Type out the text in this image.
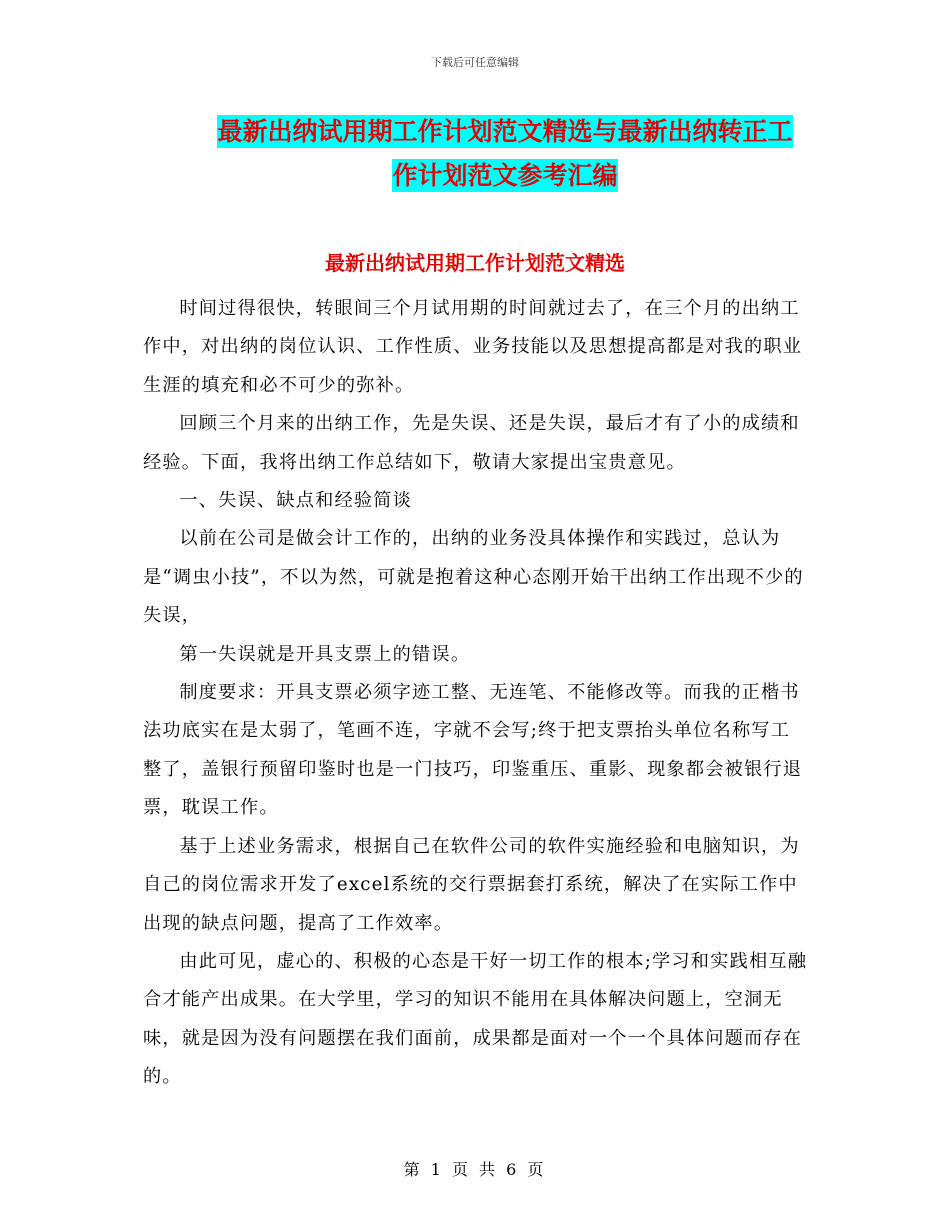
下载后可任意编辑
最新出纳试用期工作计划范文精选与最新出纳转正工
作计划范文参考汇编
最新出纳试用期工作计划范文精选

时间过得很快，转眼间三个月试用期的时间就过去了，在三个月的出纳工作中，对出纳的岗位认识、工作性质、业务技能以及思想提高都是对我的职业生涯的填充和必不可少的弥补。

回顾三个月来的出纳工作，先是失误、还是失误，最后才有了小的成绩和经验。下面，我将出纳工作总结如下，敬请大家提出宝贵意见。

一、失误、缺点和经验简谈

以前在公司是做会计工作的，出纳的业务没具体操作和实践过，总认为是“调虫小技”，不以为然，可就是抱着这种心态刚开始干出纳工作出现不少的失误，

第一失误就是开具支票上的错误。

制度要求：开具支票必须字迹工整、无连笔、不能修改等。而我的正楷书法功底实在是太弱了，笔画不连，字就不会写;终于把支票抬头单位名称写工整了，盖银行预留印鉴时也是一门技巧，印鉴重压、重影、现象都会被银行退票，耽误工作。

基于上述业务需求，根据自己在软件公司的软件实施经验和电脑知识，为自己的岗位需求开发了excel系统的交行票据套打系统，解决了在实际工作中出现的缺点问题，提高了工作效率。

由此可见，虚心的、积极的心态是干好一切工作的根本;学习和实践相互融合才能产出成果。在大学里，学习的知识不能用在具体解决问题上，空洞无味，就是因为没有问题摆在我们面前，成果都是面对一个一个具体问题而存在的。

第 1 页 共 6 页
